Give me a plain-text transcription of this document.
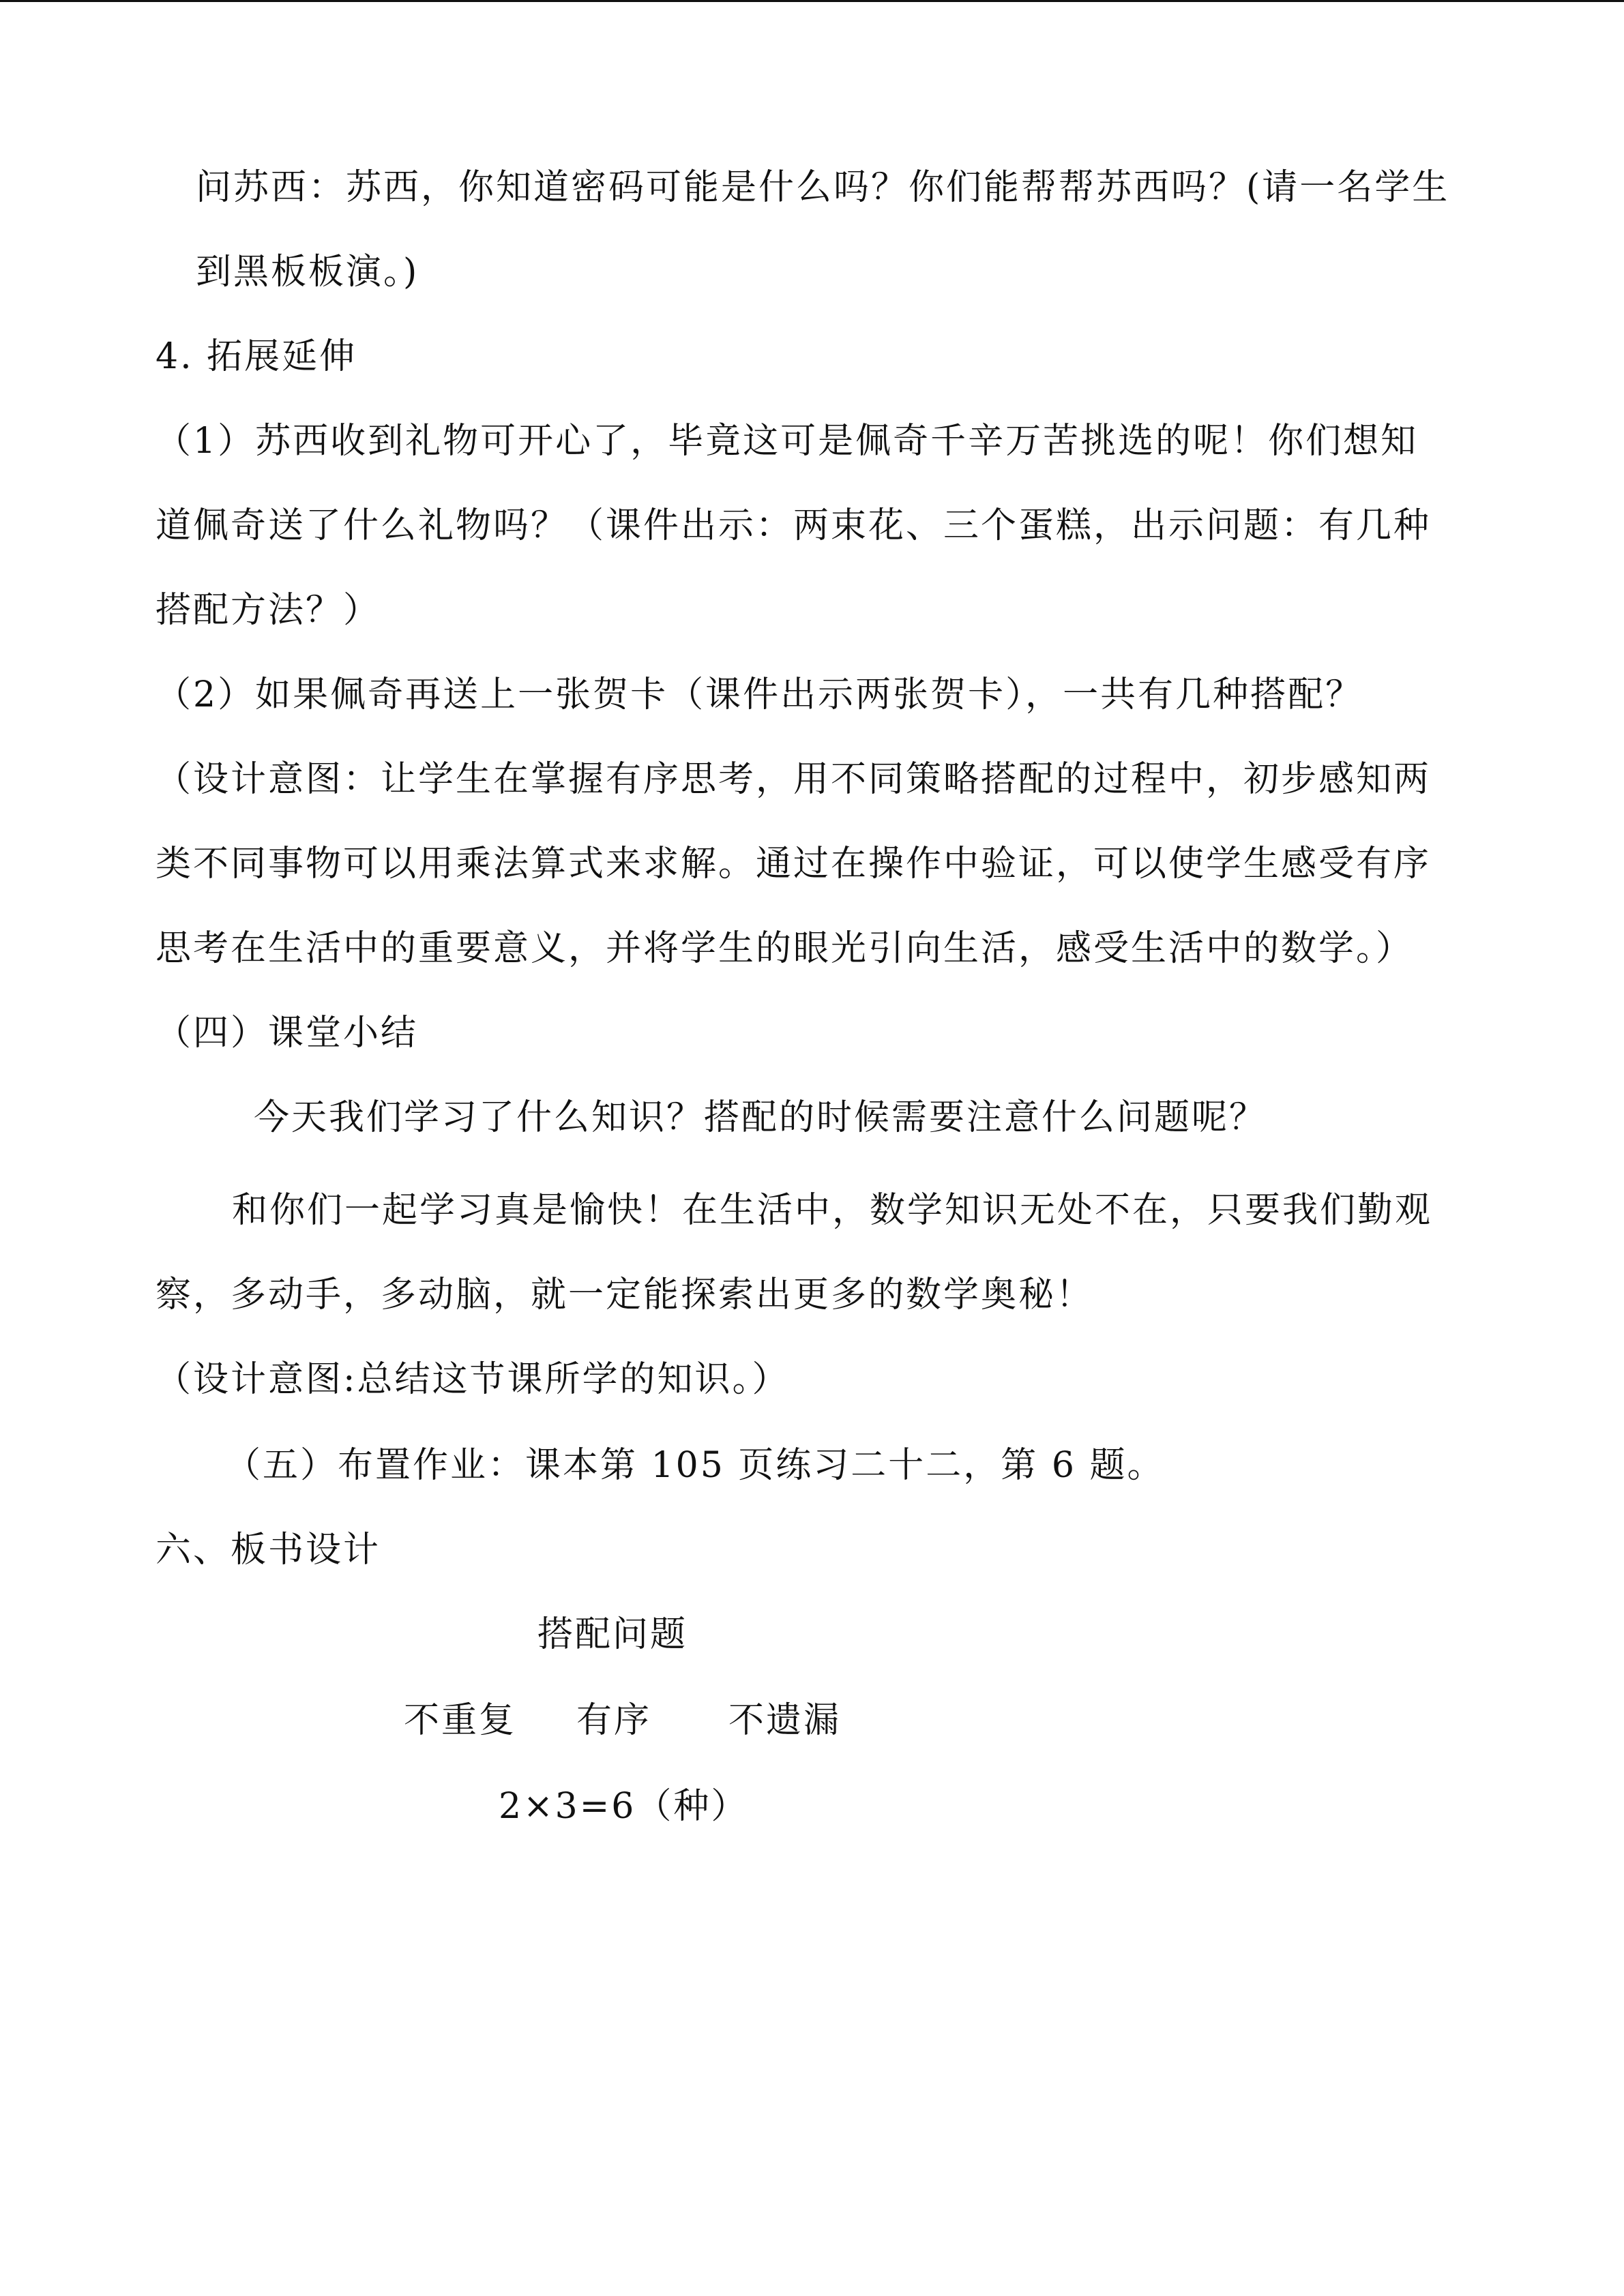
问苏西：苏西，你知道密码可能是什么吗？你们能帮帮苏西吗？(请一名学生
到黑板板演。)
4. 拓展延伸
（1）苏西收到礼物可开心了，毕竟这可是佩奇千辛万苦挑选的呢！你们想知
道佩奇送了什么礼物吗？（课件出示：两束花、三个蛋糕，出示问题：有几种
搭配方法？）
（2）如果佩奇再送上一张贺卡（课件出示两张贺卡），一共有几种搭配？
（设计意图：让学生在掌握有序思考，用不同策略搭配的过程中，初步感知两
类不同事物可以用乘法算式来求解。通过在操作中验证，可以使学生感受有序
思考在生活中的重要意义，并将学生的眼光引向生活，感受生活中的数学。）
（四）课堂小结
今天我们学习了什么知识？搭配的时候需要注意什么问题呢？
和你们一起学习真是愉快！在生活中，数学知识无处不在，只要我们勤观
察，多动手，多动脑，就一定能探索出更多的数学奥秘！
（设计意图:总结这节课所学的知识。）
（五）布置作业：课本第 105 页练习二十二，第 6 题。
六、板书设计
搭配问题
不重复 有序 不遗漏
2×3=6（种）
